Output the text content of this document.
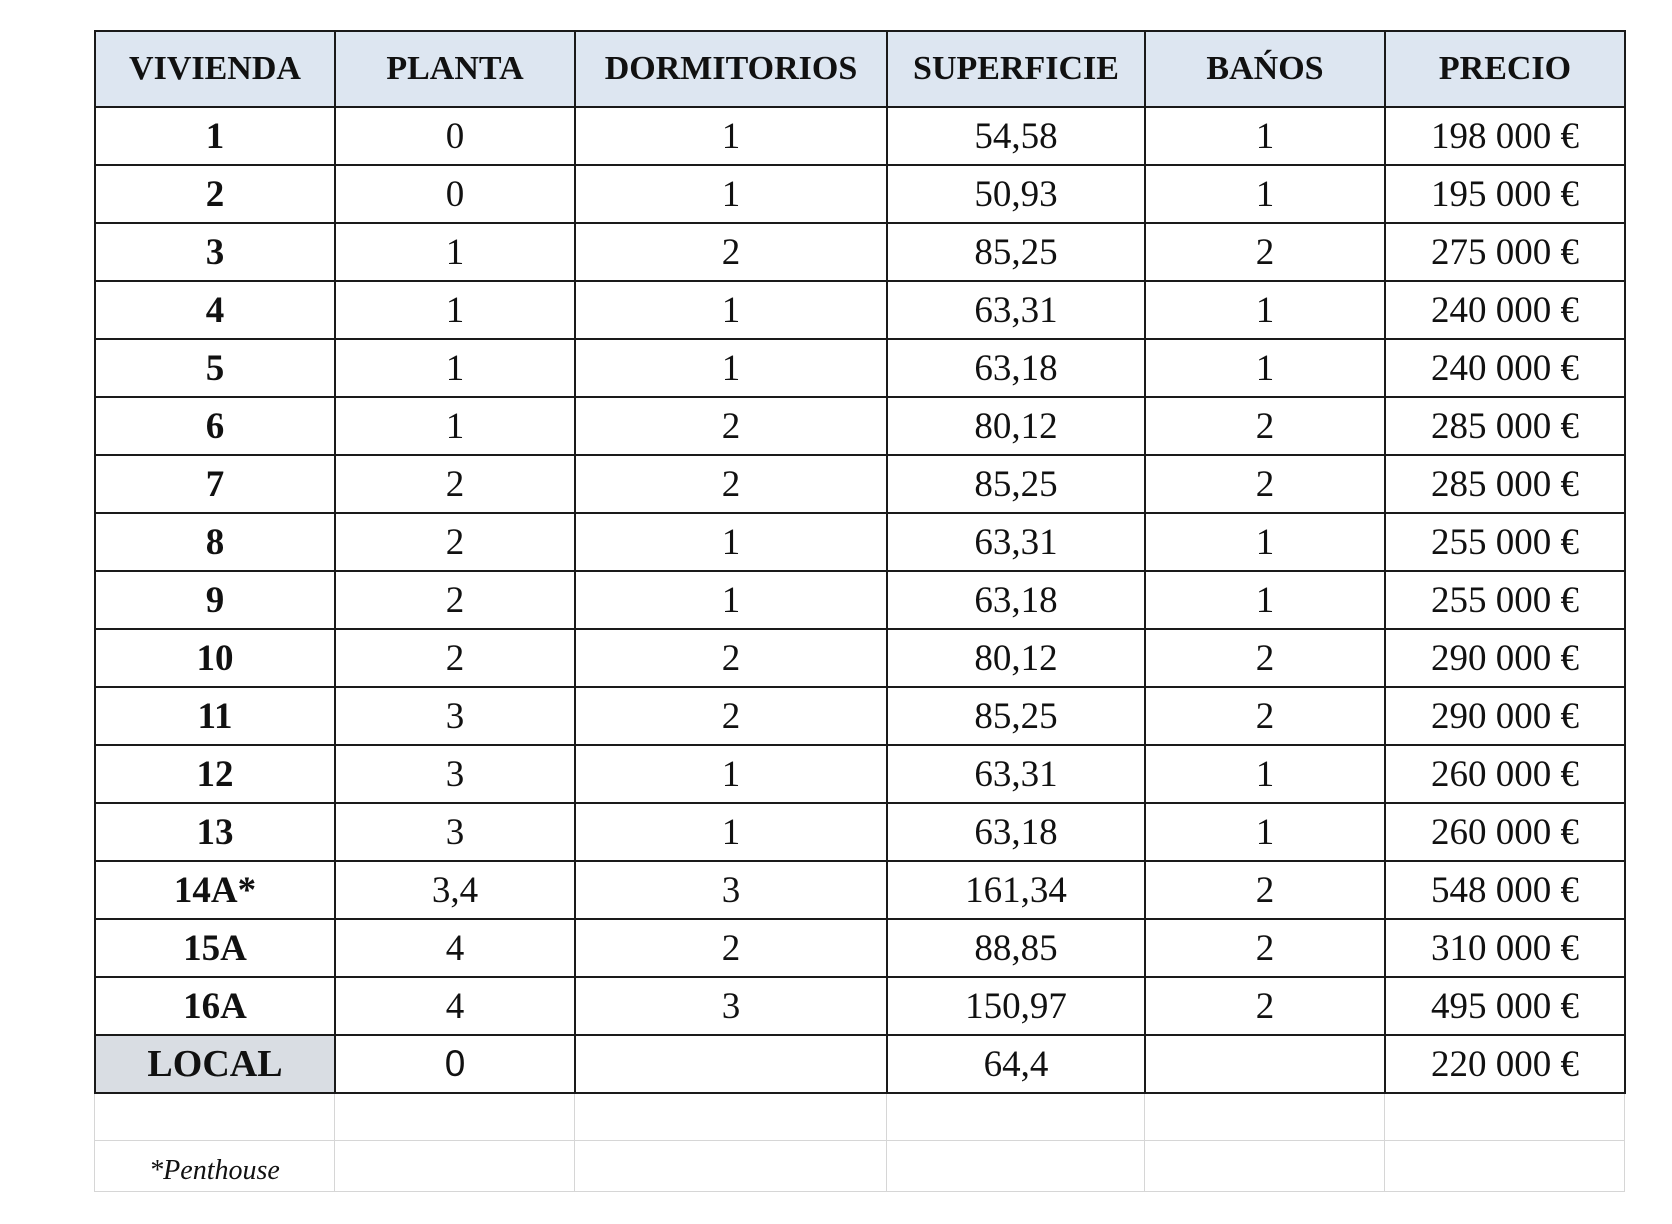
VIVIENDA	PLANTA	DORMITORIOS	SUPERFICIE	BAŃOS	PRECIO
1	0	1	54,58	1	198 000 €
2	0	1	50,93	1	195 000 €
3	1	2	85,25	2	275 000 €
4	1	1	63,31	1	240 000 €
5	1	1	63,18	1	240 000 €
6	1	2	80,12	2	285 000 €
7	2	2	85,25	2	285 000 €
8	2	1	63,31	1	255 000 €
9	2	1	63,18	1	255 000 €
10	2	2	80,12	2	290 000 €
11	3	2	85,25	2	290 000 €
12	3	1	63,31	1	260 000 €
13	3	1	63,18	1	260 000 €
14A*	3,4	3	161,34	2	548 000 €
15A	4	2	88,85	2	310 000 €
16A	4	3	150,97	2	495 000 €
LOCAL	0		64,4		220 000 €

*Penthouse					
